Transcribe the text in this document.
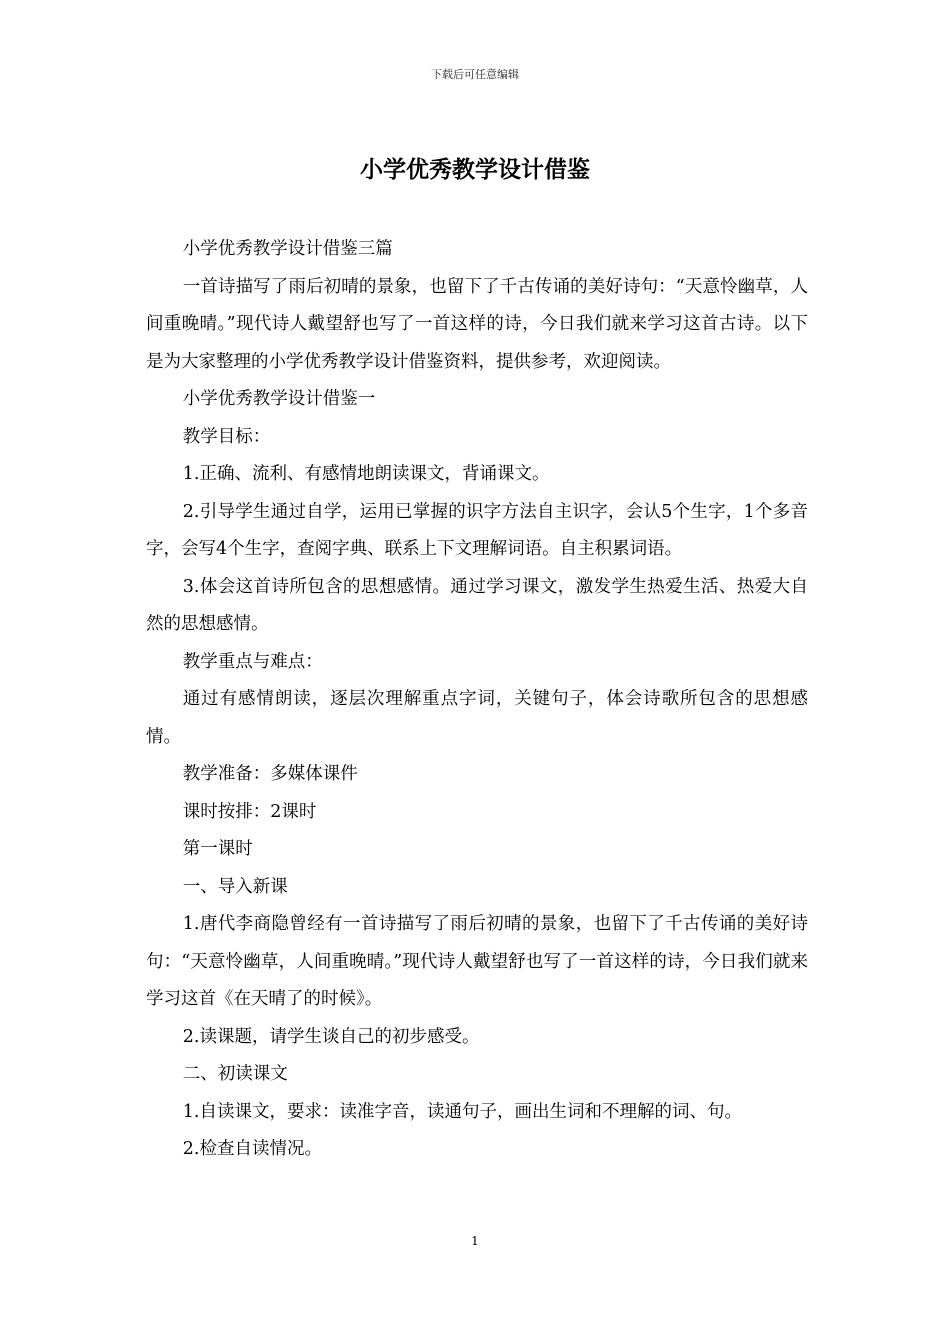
下载后可任意编辑
小学优秀教学设计借鉴

小学优秀教学设计借鉴三篇

一首诗描写了雨后初晴的景象，也留下了千古传诵的美好诗句：“天意怜幽草，人间重晚晴。”现代诗人戴望舒也写了一首这样的诗，今日我们就来学习这首古诗。以下是为大家整理的小学优秀教学设计借鉴资料，提供参考，欢迎阅读。

小学优秀教学设计借鉴一

教学目标：

1.正确、流利、有感情地朗读课文，背诵课文。

2.引导学生通过自学，运用已掌握的识字方法自主识字，会认5个生字，1个多音字，会写4个生字，查阅字典、联系上下文理解词语。自主积累词语。

3.体会这首诗所包含的思想感情。通过学习课文，激发学生热爱生活、热爱大自然的思想感情。

教学重点与难点：

通过有感情朗读，逐层次理解重点字词，关键句子，体会诗歌所包含的思想感情。

教学准备：多媒体课件

课时按排：2课时

第一课时

一、导入新课

1.唐代李商隐曾经有一首诗描写了雨后初晴的景象，也留下了千古传诵的美好诗句：“天意怜幽草，人间重晚晴。”现代诗人戴望舒也写了一首这样的诗，今日我们就来学习这首《在天晴了的时候》。

2.读课题，请学生谈自己的初步感受。

二、初读课文

1.自读课文，要求：读准字音，读通句子，画出生词和不理解的词、句。

2.检查自读情况。

1
